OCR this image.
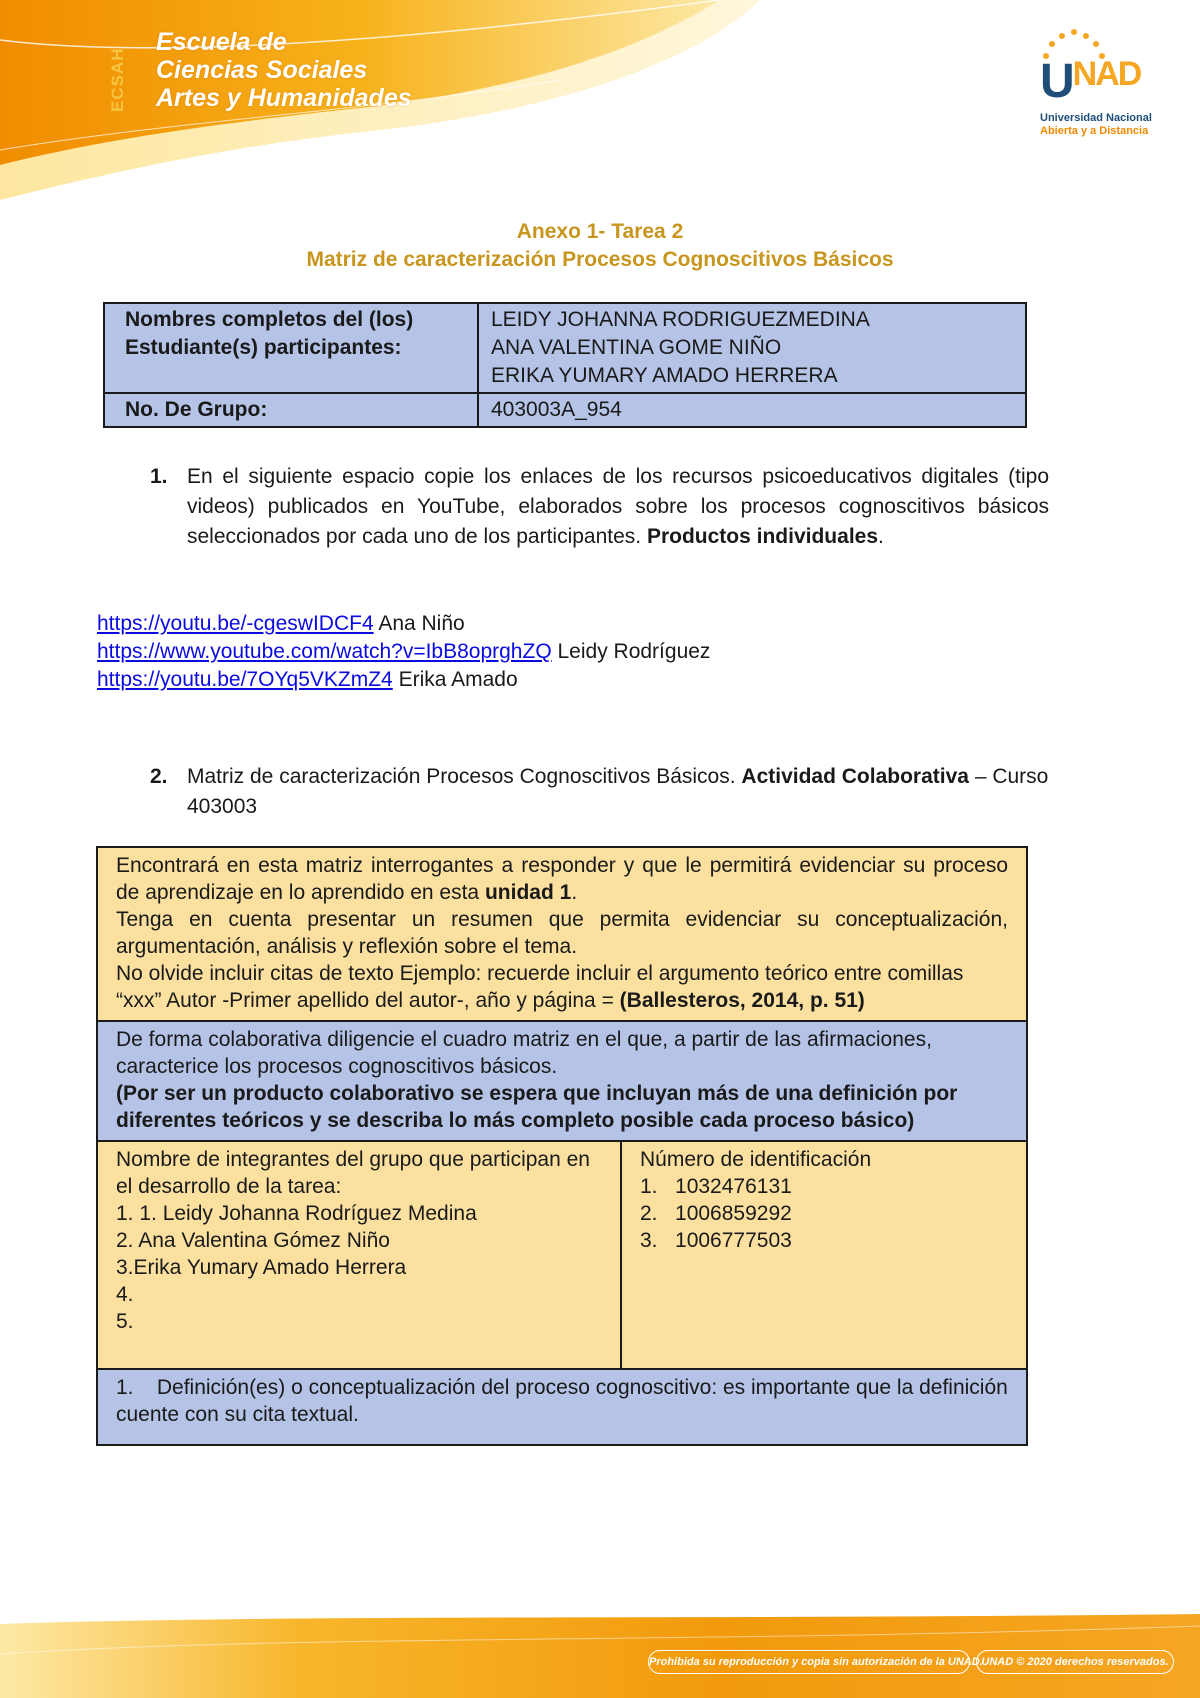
ECSAH
Escuela de
Ciencias Sociales
Artes y Humanidades	$U^{NAD}$
Universidad Nacional
Abierta y a Distancia
Anexo 1- Tarea 2
Matriz de caracterización Procesos Cognoscitivos Básicos
Nombres completos del (los) Estudiante(s) participantes:	LEIDY JOHANNA RODRIGUEZMEDINA
ANA VALENTINA GOME NIÑO
ERIKA YUMARY AMADO HERRERA

No. De Grupo:	403003A_954
1. En el siguiente espacio copie los enlaces de los recursos psicoeducativos digitales (tipo videos) publicados en YouTube, elaborados sobre los procesos cognoscitivos básicos seleccionados por cada uno de los participantes. Productos individuales.
https://youtu.be/-cgeswIDCF4 Ana Niño
https://www.youtube.com/watch?v=IbB8oprghZQ Leidy Rodríguez
https://youtu.be/7OYq5VKZmZ4 Erika Amado
2. Matriz de caracterización Procesos Cognoscitivos Básicos. Actividad Colaborativa – Curso 403003
Encontrará en esta matriz interrogantes a responder y que le permitirá evidenciar su proceso de aprendizaje en lo aprendido en esta unidad 1.
Tenga en cuenta presentar un resumen que permita evidenciar su conceptualización, argumentación, análisis y reflexión sobre el tema.
No olvide incluir citas de texto Ejemplo: recuerde incluir el argumento teórico entre comillas “xxx” Autor -Primer apellido del autor-, año y página = (Ballesteros, 2014, p. 51)

De forma colaborativa diligencie el cuadro matriz en el que, a partir de las afirmaciones, caracterice los procesos cognoscitivos básicos.
(Por ser un producto colaborativo se espera que incluyan más de una definición por diferentes teóricos y se describa lo más completo posible cada proceso básico)

Nombre de integrantes del grupo que participan en el desarrollo de la tarea:
1. 1. Leidy Johanna Rodríguez Medina
2. Ana Valentina Gómez Niño
3.Erika Yumary Amado Herrera
4.
5.

Número de identificación
1.   1032476131
2.   1006859292
3.   1006777503

1.    Definición(es) o conceptualización del proceso cognoscitivo: es importante que la definición cuente con su cita textual.
Prohibida su reproducción y copia sin autorización de la UNAD.
UNAD © 2020 derechos reservados.
